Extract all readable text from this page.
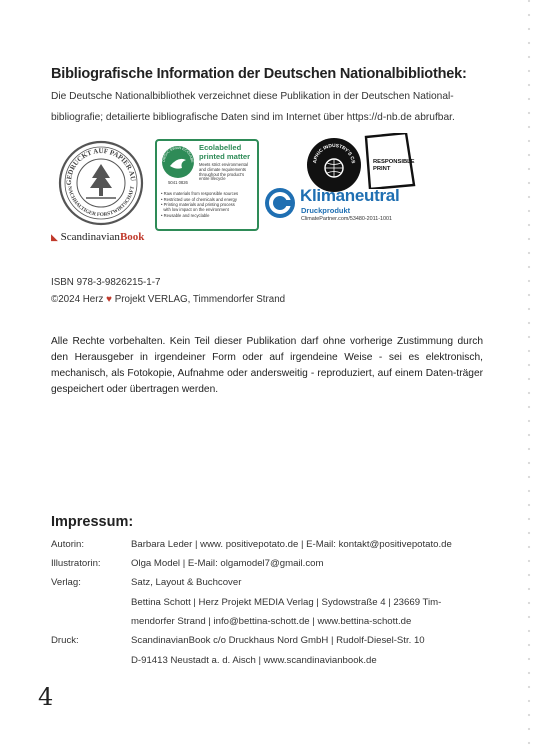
Bibliografische Information der Deutschen Nationalbibliothek:
Die Deutsche Nationalbibliothek verzeichnet diese Publikation in der Deutschen National-
bibliografie; detailierte bibliografische Daten sind im Internet über https://d-nb.de abrufbar.
GEDRUCKT AUF PAPIER AU
NACHHALTIGER FORSTWIRTSCHAFT
◣ ScandinavianBook
ORDIC SWAN ECOLABE
5041 0826
Ecolabelled
printed matter
Meets strict environmental
and climate requirements
throughout the product's
entire lifecycle
• Raw materials from responsible sources
• Restricted use of chemicals and energy
• Printing materials and printing process
with low impact on the environment
• Reusable and recyclable
APHIC INDUSTRY'S CS	RESPONSIBLE
PRINT
Klimaneutral
Druckprodukt
ClimatePartner.com/53480-2011-1001
ISBN 978-3-9826215-1-7
©2024 Herz ♥ Projekt VERLAG, Timmendorfer Strand
Alle Rechte vorbehalten. Kein Teil dieser Publikation darf ohne vorherige Zustimmung durch den Herausgeber in irgendeiner Form oder auf irgendeine Weise - sei es elektronisch, mechanisch, als Fotokopie, Aufnahme oder andersweitig - reproduziert, auf einem Daten-träger gespeichert oder übertragen werden.
Impressum:
Autorin:	Barbara Leder | www. positivepotato.de | E-Mail: kontakt@positivepotato.de
Illustratorin:	Olga Model | E-Mail: olgamodel7@gmail.com
Verlag:	Satz, Layout & Buchcover
Bettina Schott | Herz Projekt MEDIA Verlag | Sydowstraße 4 | 23669 Tim-
mendorfer Strand | info@bettina-schott.de | www.bettina-schott.de
Druck:	ScandinavianBook c/o Druckhaus Nord GmbH | Rudolf-Diesel-Str. 10
D-91413 Neustadt a. d. Aisch | www.scandinavianbook.de
4
